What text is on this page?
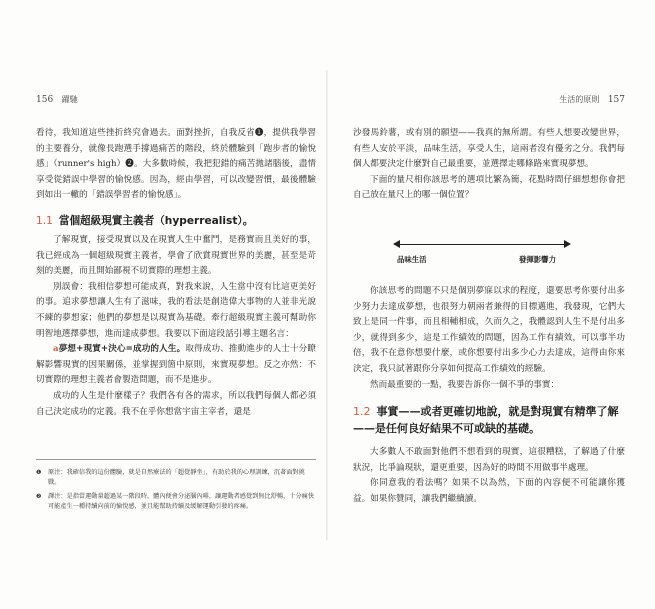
156 躍馳	生活的原則 157

看待，我知道這些挫折終究會過去。面對挫折，自我反省❶，提供我學習的主要養分，就像長跑選手撐過痛苦的階段，終於體驗到「跑步者的愉悅感」（runner's high）❷。大多數時候，我把犯錯的痛苦拋諸腦後，盡情享受從錯誤中學習的愉悅感。因為，經由學習，可以改變習慣，最後體驗到如出一轍的「錯誤學習者的愉悅感」。

1.1 當個超級現實主義者（hyperrealist）。

了解現實，接受現實以及在現實人生中奮鬥，是務實而且美好的事，我已經成為一個超級現實主義者，學會了欣賞現實世界的美麗，甚至是苛刻的美麗，而且開始鄙視不切實際的理想主義。

別誤會：我相信夢想可能成真，對我來說，人生當中沒有比這更美好的事。追求夢想讓人生有了滋味，我的看法是創造偉大事物的人並非光說不練的夢想家；他們的夢想是以現實為基礎。牽行超級現實主義可幫助你明智地選擇夢想，進而達成夢想。我要以下面這段話引導主題名言：

a夢想+現實+決心=成功的人生。取得成功、推動進步的人士十分瞭解影響現實的因果關係，並掌握到箇中原則，來實現夢想。反之亦然：不切實際的理想主義者會製造問題，而不是進步。

成功的人生是什麼樣子？我們各有各的需求，所以我們每個人都必須自己決定成功的定義。我不在乎你想當宇宙主宰者，還是

❶	原注：我確信我的這份體驗，就是自然療法的「超覺靜坐」，有助於我的心理訓練，沉著面對挑戰。
❷	譯注：是指當運動量超過某一階段時，體內便會分泌腦內啡，讓運動者感覺到無比舒暢，十分痛快可能產生一種持續向前的愉悅感，並且能幫助持續及緩解運動引發的疼痛。

沙發馬鈴薯，或有別的願望——我真的無所謂。有些人想要改變世界，有些人安於平淡，品味生活，享受人生，這兩者沒有優劣之分。我們每個人都要決定什麼對自己最重要，並選擇走哪條路來實現夢想。

下面的量尺相你該思考的選項比繁為簡，花點時間仔細想想你會把自己放在量尺上的哪一個位置？

品味生活	發揮影響力

你該思考的問題不只是個別夢寐以求的程度，還要思考你要付出多少努力去達成夢想，也很努力朝兩者兼得的目標邁進，我發現，它們大致上是同一件事，而且相輔相成，久而久之，我體認到人生不是付出多少，就得到多少，這是工作績效的問題，因為工作有績效，可以事半功倍，我不在意你想要什麼，或你想要付出多少心力去達成，這得由你來決定，我只試著跟你分享如何提高工作績效的經驗。

然而最重要的一點，我要告訴你一個不爭的事實：

1.2 事實——或者更確切地說，就是對現實有精準了解——是任何良好結果不可或缺的基礎。

大多數人不敢面對他們不想看到的現實，這很糟糕，了解過了什麼狀況，比爭論現狀，還更重要，因為好的時間不用做事半處理。

你同意我的看法嗎？如果不以為然，下面的內容便不可能讓你獲益。如果你贊同，讓我們繼續讀。
